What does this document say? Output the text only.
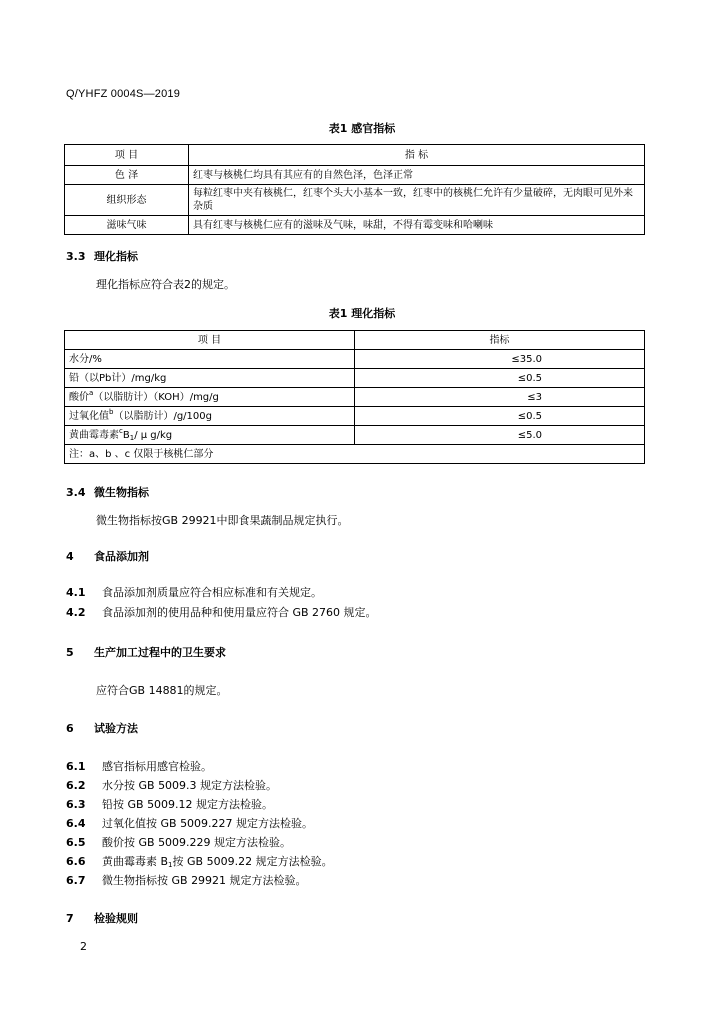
Q/YHFZ 0004S—2019
表1 感官指标
项 目	指 标
色 泽	红枣与核桃仁均具有其应有的自然色泽，色泽正常
组织形态	每粒红枣中夹有核桃仁，红枣个头大小基本一致，红枣中的核桃仁允许有少量破碎，无肉眼可见外来杂质
滋味气味	具有红枣与核桃仁应有的滋味及气味，味甜，不得有霉变味和哈喇味
3.3 理化指标
理化指标应符合表2的规定。
表1 理化指标
项 目	指标
水分/%	≤35.0
铅（以Pb计）/mg/kg	≤0.5
酸价$^a$（以脂肪计）（KOH）/mg/g	≤3
过氧化值$^b$（以脂肪计）/g/100g	≤0.5
黄曲霉毒素$^cB_1/$ μ g/kg	≤5.0
注：a、b 、c 仅限于核桃仁部分	
3.4 微生物指标
微生物指标按GB 29921中即食果蔬制品规定执行。
4 食品添加剂
4.1 食品添加剂质量应符合相应标准和有关规定。
4.2 食品添加剂的使用品种和使用量应符合 GB 2760 规定。
5 生产加工过程中的卫生要求
应符合GB 14881的规定。
6 试验方法
6.1 感官指标用感官检验。
6.2 水分按 GB 5009.3 规定方法检验。
6.3 铅按 GB 5009.12 规定方法检验。
6.4 过氧化值按 GB 5009.227 规定方法检验。
6.5 酸价按 GB 5009.229 规定方法检验。
6.6 黄曲霉毒素 $B_1$按 GB 5009.22 规定方法检验。
6.7 微生物指标按 GB 29921 规定方法检验。
7 检验规则
2
